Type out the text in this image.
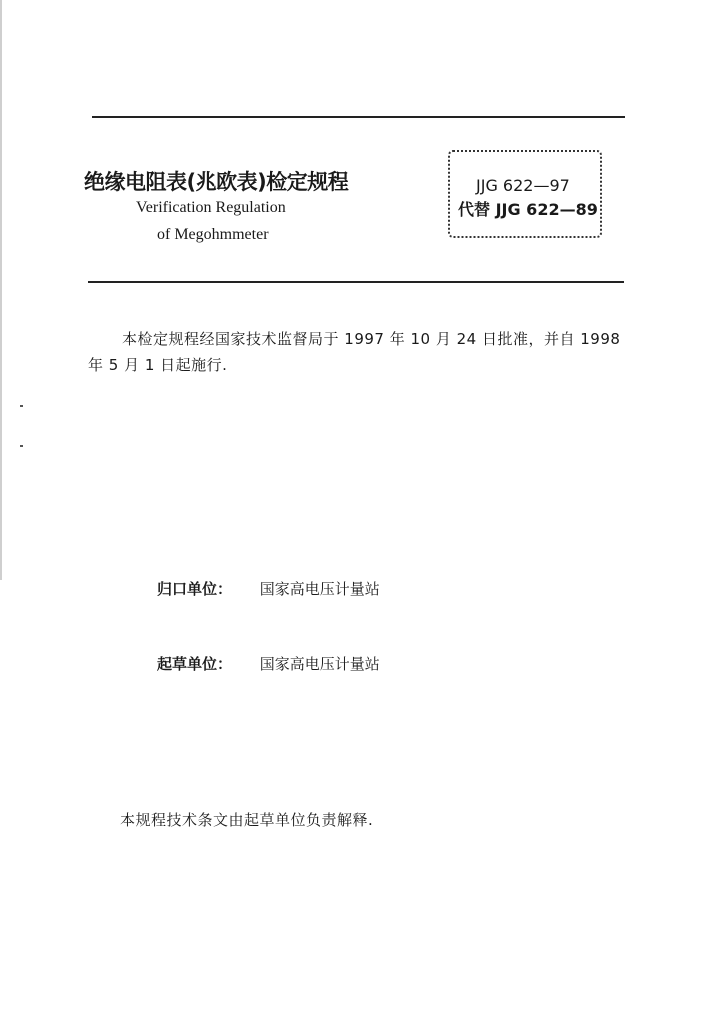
绝缘电阻表(兆欧表)检定规程
Verification Regulation
of Megohmmeter
JJG 622—97
代替 JJG 622—89
本检定规程经国家技术监督局于 1997 年 10 月 24 日批准，并自 1998 年 5 月 1 日起施行.
归口单位： 国家高电压计量站
起草单位： 国家高电压计量站
本规程技术条文由起草单位负责解释.
